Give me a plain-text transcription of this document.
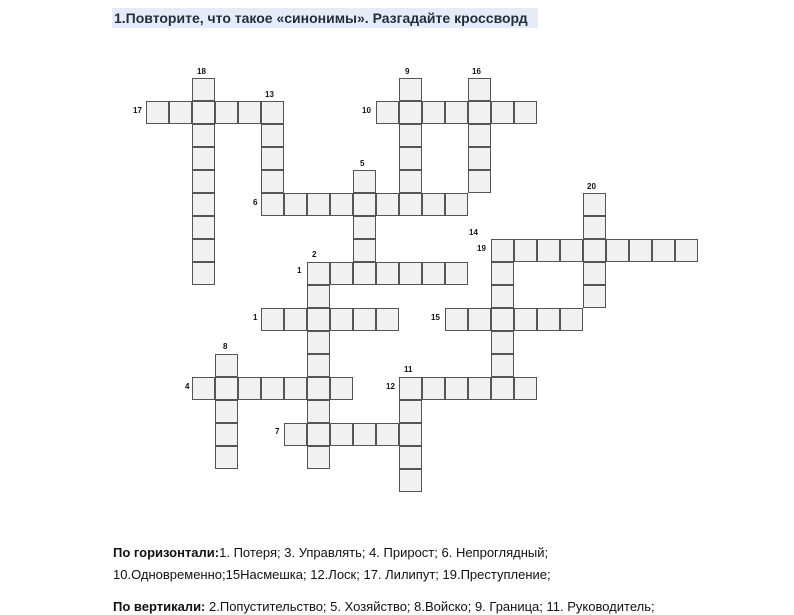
1.Повторите, что такое «синонимы». Разгадайте кроссворд
17	10
18
13
9	16
5
6
20
14
19
1
2
1
15
8
11
4	12
7
По горизонтали:1. Потеря; 3. Управлять; 4. Прирост; 6. Непроглядный;
10.Одновременно;15Насмешка; 12.Лоск; 17. Лилипут; 19.Преступление;
По вертикали: 2.Попустительство; 5. Хозяйство; 8.Войско; 9. Граница; 11. Руководитель;
